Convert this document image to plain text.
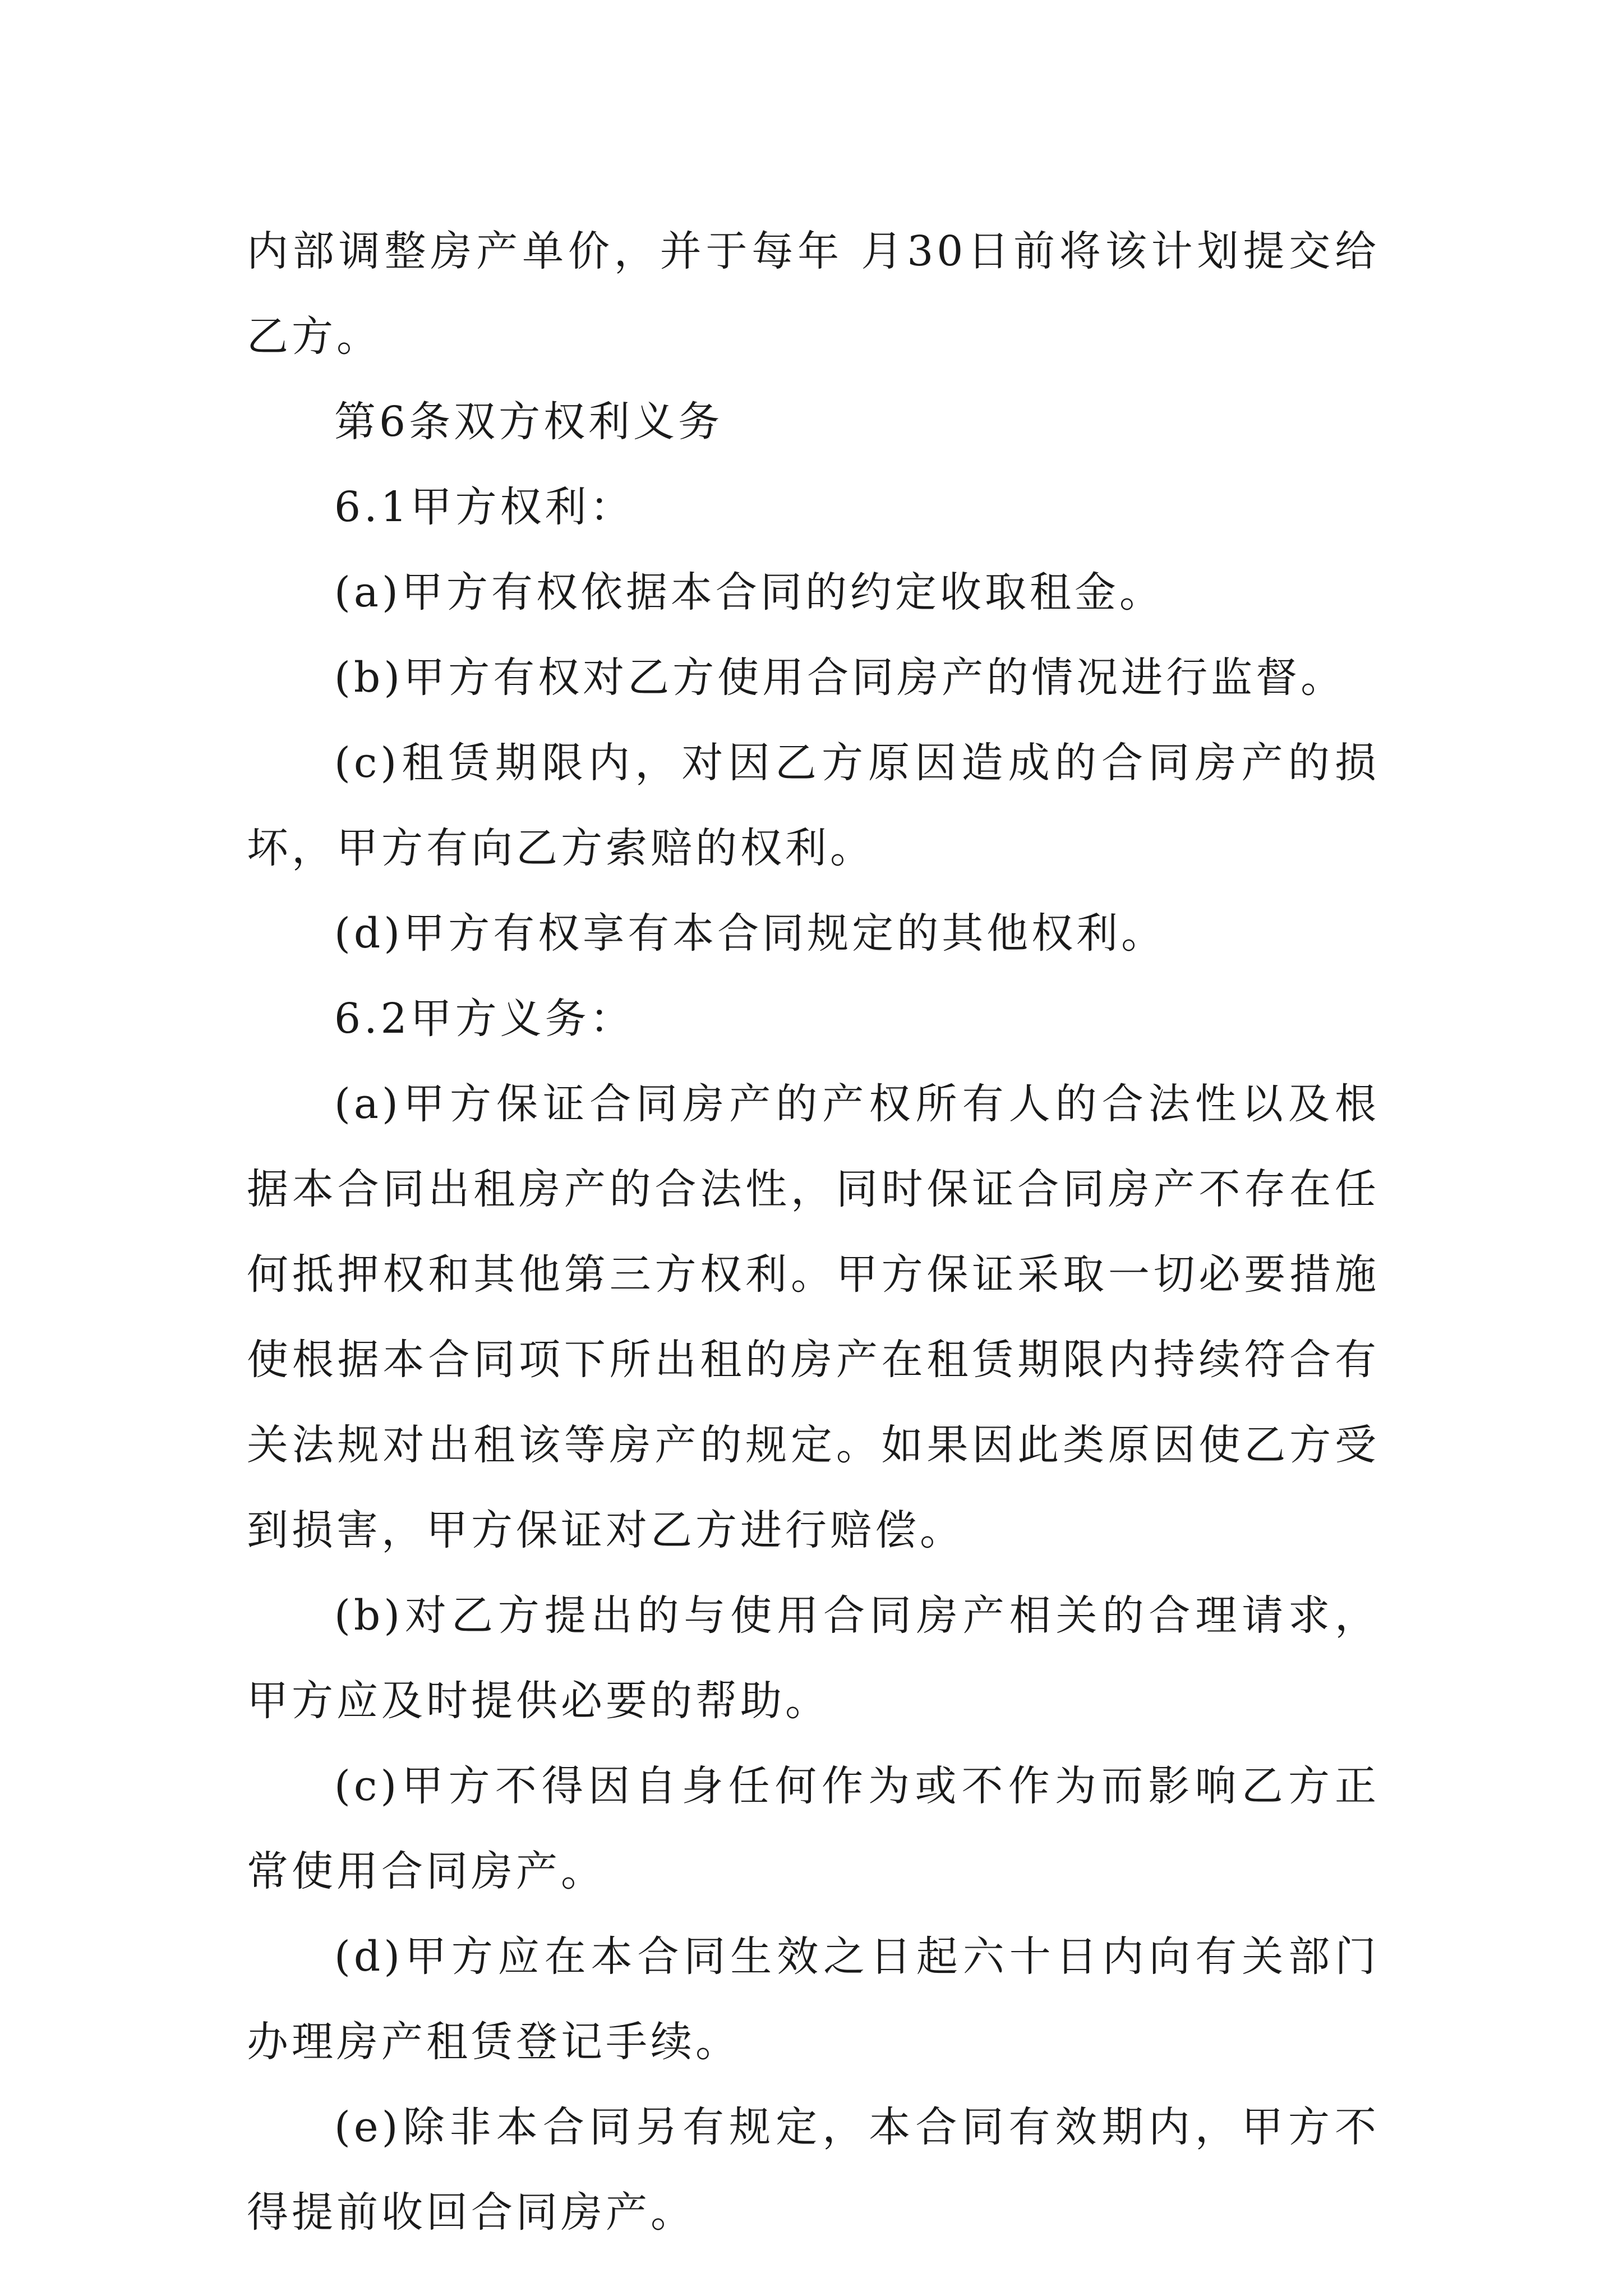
内部调整房产单价，并于每年 月30日前将该计划提交给乙方。

第6条双方权利义务

6.1甲方权利：

(a)甲方有权依据本合同的约定收取租金。

(b)甲方有权对乙方使用合同房产的情况进行监督。

(c)租赁期限内，对因乙方原因造成的合同房产的损坏，甲方有向乙方索赔的权利。

(d)甲方有权享有本合同规定的其他权利。

6.2甲方义务：

(a)甲方保证合同房产的产权所有人的合法性以及根据本合同出租房产的合法性，同时保证合同房产不存在任何抵押权和其他第三方权利。甲方保证采取一切必要措施使根据本合同项下所出租的房产在租赁期限内持续符合有关法规对出租该等房产的规定。如果因此类原因使乙方受到损害，甲方保证对乙方进行赔偿。

(b)对乙方提出的与使用合同房产相关的合理请求，甲方应及时提供必要的帮助。

(c)甲方不得因自身任何作为或不作为而影响乙方正常使用合同房产。

(d)甲方应在本合同生效之日起六十日内向有关部门办理房产租赁登记手续。

(e)除非本合同另有规定，本合同有效期内，甲方不得提前收回合同房产。
